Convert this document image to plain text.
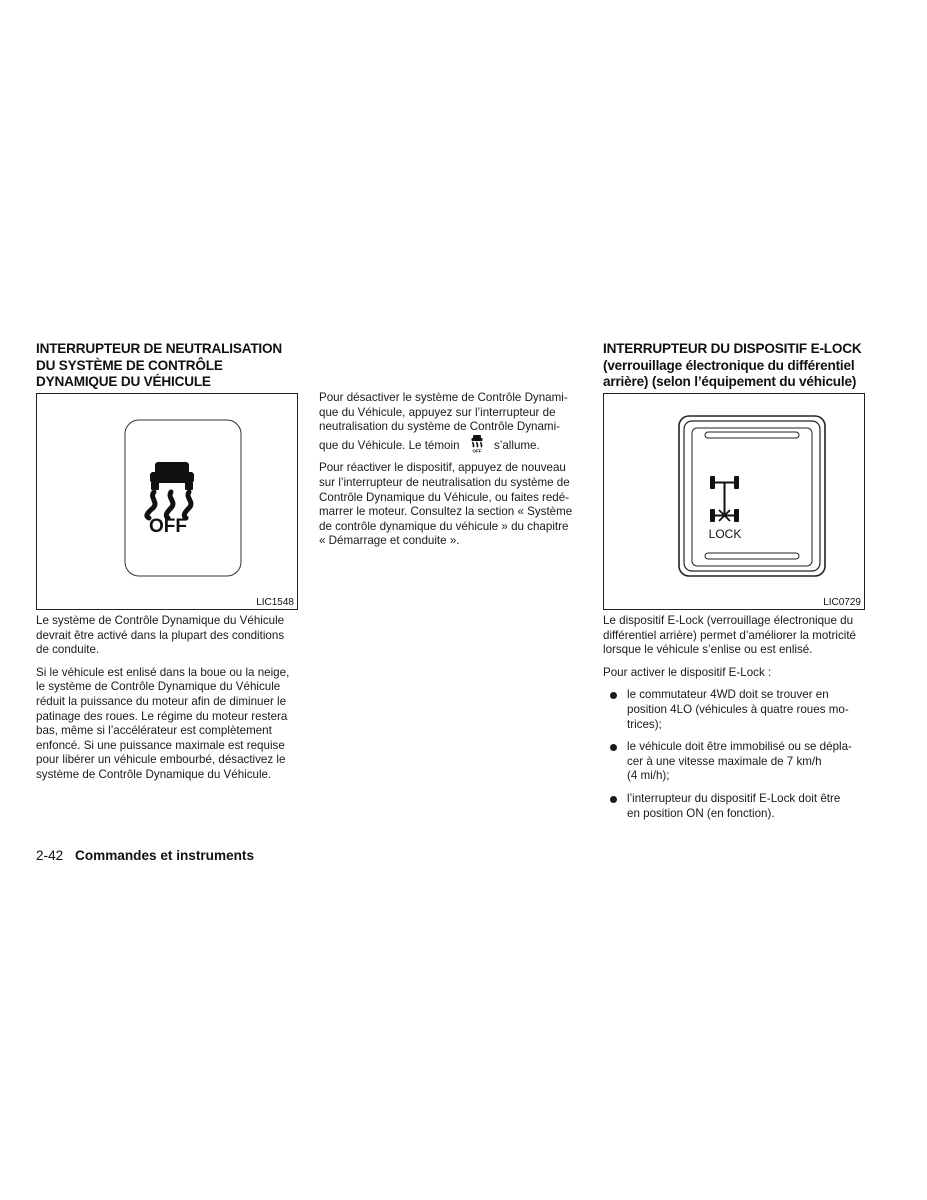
INTERRUPTEUR DE NEUTRALISATION
DU SYSTÈME DE CONTRÔLE
DYNAMIQUE DU VÉHICULE
OFF
LIC1548

Le système de Contrôle Dynamique du Véhicule
devrait être activé dans la plupart des conditions
de conduite.

Si le véhicule est enlisé dans la boue ou la neige,
le système de Contrôle Dynamique du Véhicule
réduit la puissance du moteur afin de diminuer le
patinage des roues. Le régime du moteur restera
bas, même si l’accélérateur est complètement
enfoncé. Si une puissance maximale est requise
pour libérer un véhicule embourbé, désactivez le
système de Contrôle Dynamique du Véhicule.

Pour désactiver le système de Contrôle Dynami-
que du Véhicule, appuyez sur l’interrupteur de
neutralisation du système de Contrôle Dynami-
que du Véhicule. Le témoin	OFF s’allume.

Pour réactiver le dispositif, appuyez de nouveau
sur l’interrupteur de neutralisation du système de
Contrôle Dynamique du Véhicule, ou faites redé-
marrer le moteur. Consultez la section « Système
de contrôle dynamique du véhicule » du chapitre
« Démarrage et conduite ».

INTERRUPTEUR DU DISPOSITIF E-LOCK
(verrouillage électronique du différentiel
arrière) (selon l’équipement du véhicule)
LOCK
LIC0729

Le dispositif E-Lock (verrouillage électronique du
différentiel arrière) permet d’améliorer la motricité
lorsque le véhicule s’enlise ou est enlisé.

Pour activer le dispositif E-Lock :

le commutateur 4WD doit se trouver en
position 4LO (véhicules à quatre roues mo-
trices);
le véhicule doit être immobilisé ou se dépla-
cer à une vitesse maximale de 7 km/h
(4 mi/h);
l’interrupteur du dispositif E-Lock doit être
en position ON (en fonction).
2-42 Commandes et instruments
